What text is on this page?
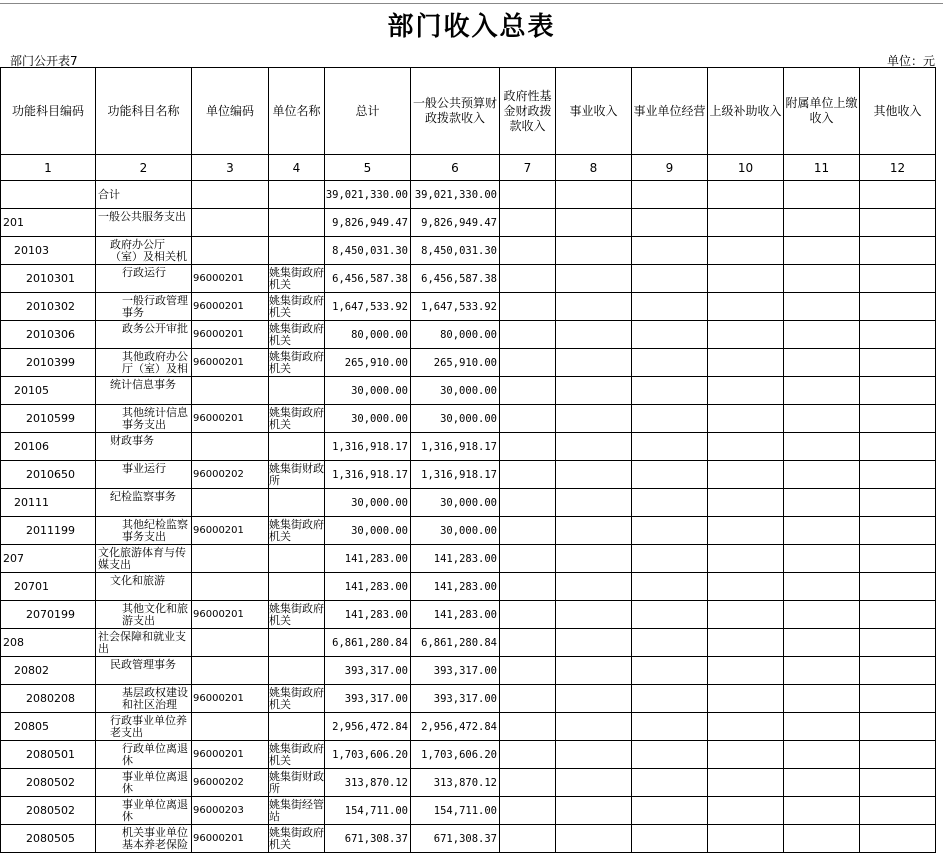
部门收入总表
部门公开表7	单位：元
功能科目编码	功能科目名称	单位编码	单位名称	总计	一般公共预算财政拨款收入	政府性基金财政拨款收入	事业收入	事业单位经营	上级补助收入	附属单位上缴收入	其他收入
1	2	3	4	5	6	7	8	9	10	11	12
	合计			39,021,330.00	39,021,330.00						
201	一般公共服务支出			9,826,949.47	9,826,949.47						
20103	政府办公厅（室）及相关机			8,450,031.30	8,450,031.30						
2010301	行政运行	96000201	姚集街政府机关	6,456,587.38	6,456,587.38						
2010302	一般行政管理事务	96000201	姚集街政府机关	1,647,533.92	1,647,533.92						
2010306	政务公开审批	96000201	姚集街政府机关	80,000.00	80,000.00						
2010399	其他政府办公厅（室）及相	96000201	姚集街政府机关	265,910.00	265,910.00						
20105	统计信息事务			30,000.00	30,000.00						
2010599	其他统计信息事务支出	96000201	姚集街政府机关	30,000.00	30,000.00						
20106	财政事务			1,316,918.17	1,316,918.17						
2010650	事业运行	96000202	姚集街财政所	1,316,918.17	1,316,918.17						
20111	纪检监察事务			30,000.00	30,000.00						
2011199	其他纪检监察事务支出	96000201	姚集街政府机关	30,000.00	30,000.00						
207	文化旅游体育与传媒支出			141,283.00	141,283.00						
20701	文化和旅游			141,283.00	141,283.00						
2070199	其他文化和旅游支出	96000201	姚集街政府机关	141,283.00	141,283.00						
208	社会保障和就业支出			6,861,280.84	6,861,280.84						
20802	民政管理事务			393,317.00	393,317.00						
2080208	基层政权建设和社区治理	96000201	姚集街政府机关	393,317.00	393,317.00						
20805	行政事业单位养老支出			2,956,472.84	2,956,472.84						
2080501	行政单位离退休	96000201	姚集街政府机关	1,703,606.20	1,703,606.20						
2080502	事业单位离退休	96000202	姚集街财政所	313,870.12	313,870.12						
2080502	事业单位离退休	96000203	姚集街经管站	154,711.00	154,711.00						
2080505	机关事业单位基本养老保险	96000201	姚集街政府机关	671,308.37	671,308.37						
